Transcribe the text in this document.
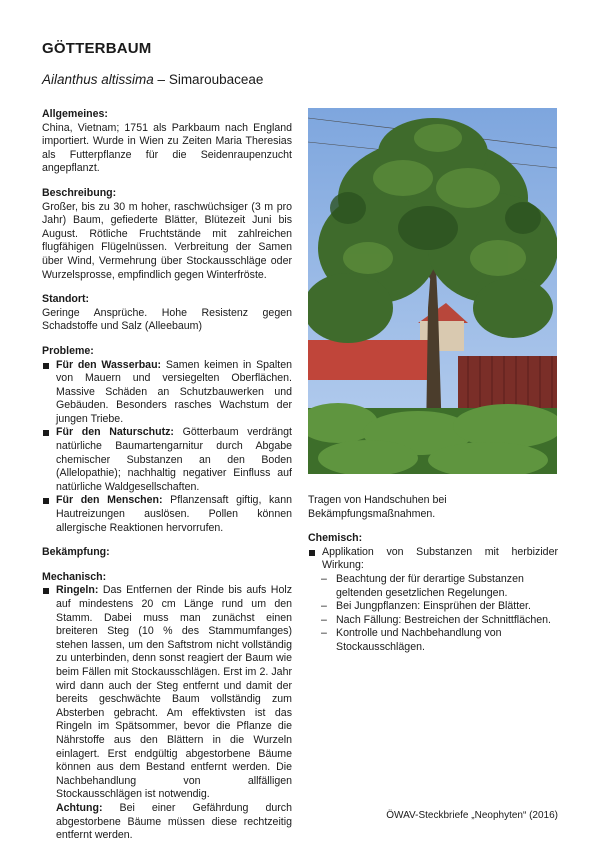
GÖTTERBAUM
Ailanthus altissima – Simaroubaceae
Allgemeines:

China, Vietnam; 1751 als Parkbaum nach England importiert. Wurde in Wien zu Zeiten Maria Theresias als Futterpflanze für die Seidenraupenzucht angepflanzt.

Beschreibung:

Großer, bis zu 30 m hoher, raschwüchsiger (3 m pro Jahr) Baum, gefiederte Blätter, Blütezeit Juni bis August. Rötliche Fruchtstände mit zahlreichen flugfähigen Flügelnüssen. Verbreitung der Samen über Wind, Vermehrung über Stockausschläge oder Wurzelsprosse, empfindlich gegen Winterfröste.

Standort:

Geringe Ansprüche. Hohe Resistenz gegen Schadstoffe und Salz (Alleebaum)

Probleme:
Für den Wasserbau: Samen keimen in Spalten von Mauern und versiegelten Oberflächen. Massive Schäden an Schutzbauwerken und Gebäuden. Besonders rasches Wachstum der jungen Triebe.
Für den Naturschutz: Götterbaum verdrängt natürliche Baumartengarnitur durch Abgabe chemischer Substanzen an den Boden (Allelopathie); nachhaltig negativer Einfluss auf natürliche Waldgesellschaften.
Für den Menschen: Pflanzensaft giftig, kann Hautreizungen auslösen. Pollen können allergische Reaktionen hervorrufen.
Bekämpfung:
Mechanisch:
Ringeln: Das Entfernen der Rinde bis aufs Holz auf mindestens 20 cm Länge rund um den Stamm. Dabei muss man zunächst einen breiteren Steg (10 % des Stammumfanges) stehen lassen, um den Saftstrom nicht vollständig zu unterbinden, denn sonst reagiert der Baum wie beim Fällen mit Stockausschlägen. Erst im 2. Jahr wird dann auch der Steg entfernt und damit der bereits geschwächte Baum vollständig zum Absterben gebracht. Am effektivsten ist das Ringeln im Spätsommer, bevor die Pflanze die Nährstoffe aus den Blättern in die Wurzeln einlagert. Erst endgültig abgestorbene Bäume können aus dem Bestand entfernt werden. Die Nachbehandlung von allfälligen Stockausschlägen ist notwendig.

Achtung: Bei einer Gefährdung durch abgestorbene Bäume müssen diese rechtzeitig entfernt werden.

Tragen von Handschuhen bei Bekämpfungsmaßnahmen.

Chemisch:
Applikation von Substanzen mit herbizider Wirkung:
– Beachtung der für derartige Substanzen geltenden gesetzlichen Regelungen.
– Bei Jungpflanzen: Einsprühen der Blätter.
– Nach Fällung: Bestreichen der Schnittflächen.
– Kontrolle und Nachbehandlung von Stockausschlägen.
ÖWAV-Steckbriefe „Neophyten“ (2016)
